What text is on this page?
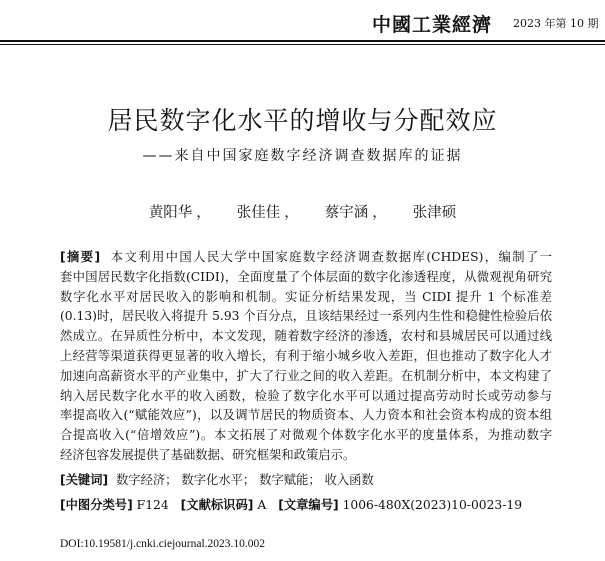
中國工業經濟 2023 年第 10 期
居民数字化水平的增收与分配效应
——来自中国家庭数字经济调查数据库的证据
黄阳华 ， 张佳佳 ， 蔡宇涵 ， 张津硕
[摘要] 本文利用中国人民大学中国家庭数字经济调查数据库(CHDES)，编制了一
套中国居民数字化指数(CIDI)，全面度量了个体层面的数字化渗透程度，从微观视角研究
数字化水平对居民收入的影响和机制。实证分析结果发现，当 CIDI 提升 1 个标准差
(0.13)时，居民收入将提升 5.93 个百分点，且该结果经过一系列内生性和稳健性检验后依
然成立。在异质性分析中，本文发现，随着数字经济的渗透，农村和县城居民可以通过线
上经营等渠道获得更显著的收入增长，有利于缩小城乡收入差距，但也推动了数字化人才
加速向高薪资水平的产业集中，扩大了行业之间的收入差距。在机制分析中，本文构建了
纳入居民数字化水平的收入函数，检验了数字化水平可以通过提高劳动时长或劳动参与
率提高收入(“赋能效应”)，以及调节居民的物质资本、人力资本和社会资本构成的资本组
合提高收入(“倍增效应”)。本文拓展了对微观个体数字化水平的度量体系，为推动数字
经济包容发展提供了基础数据、研究框架和政策启示。
[关键词] 数字经济； 数字化水平； 数字赋能； 收入函数
[中图分类号] F124 [文献标识码] A [文章编号] 1006-480X(2023)10-0023-19
DOI:10.19581/j.cnki.ciejournal.2023.10.002
